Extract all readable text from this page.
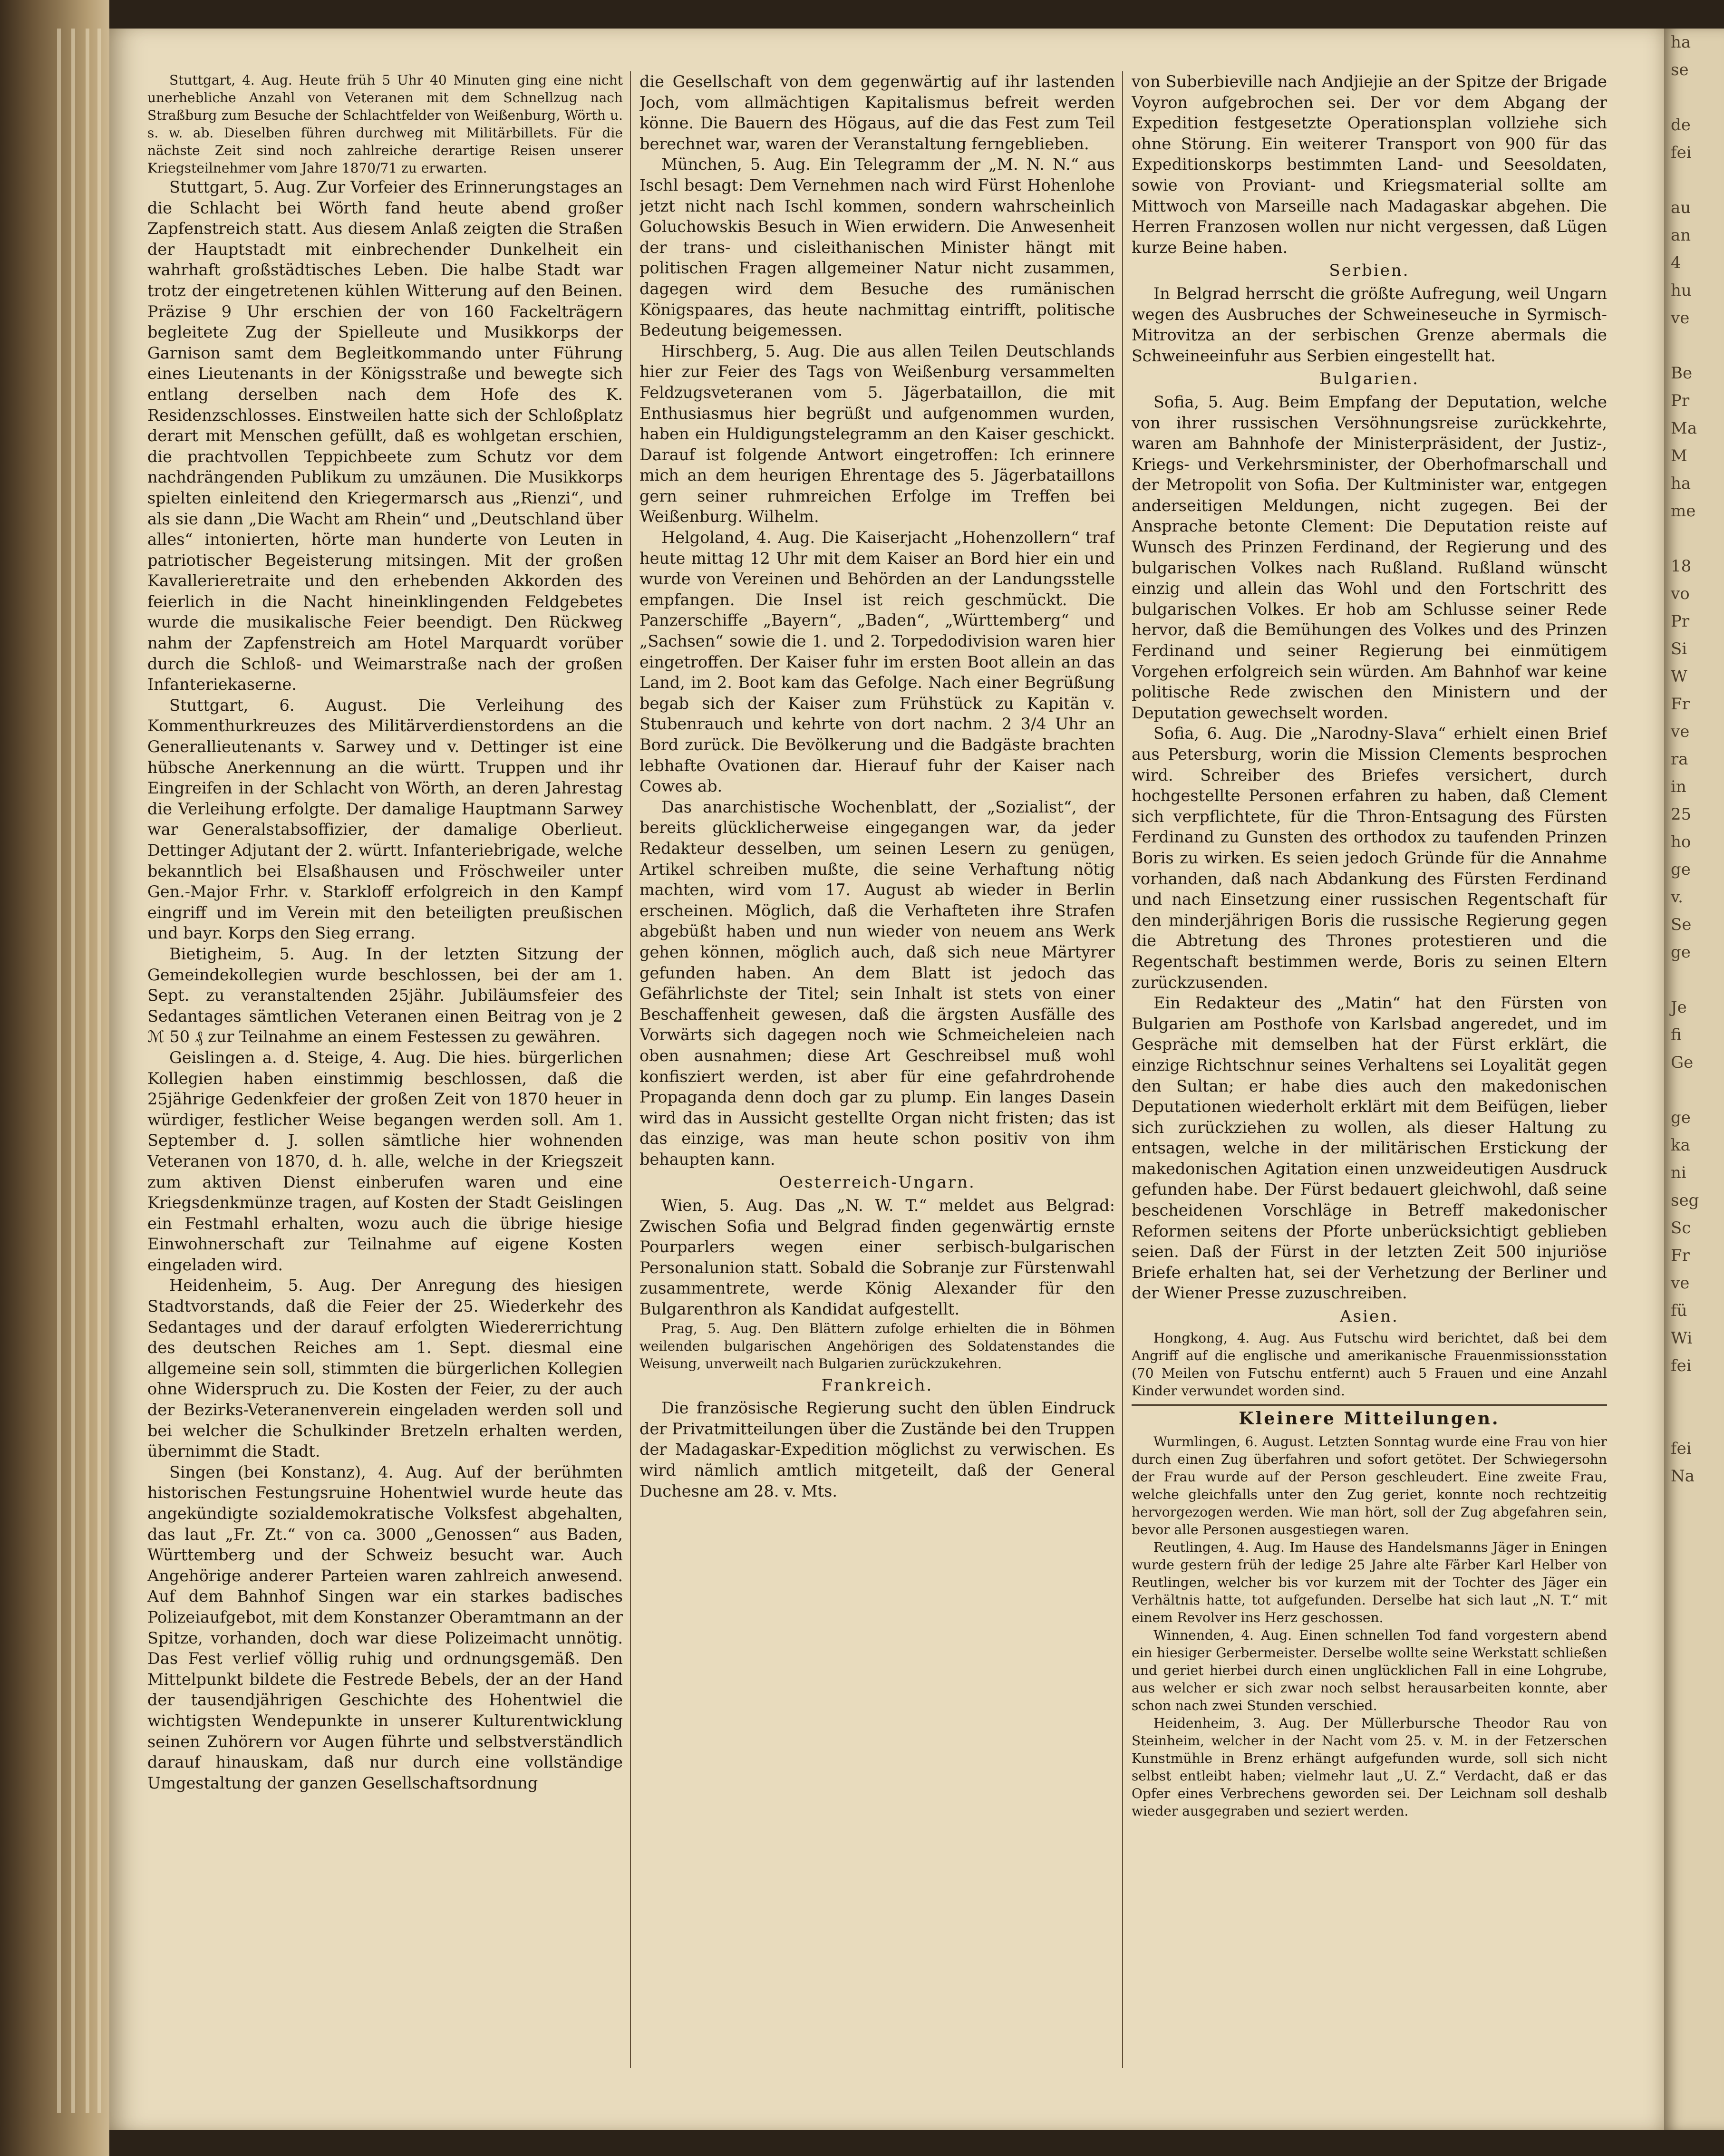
Stuttgart, 4. Aug. Heute früh 5 Uhr 40 Minuten ging eine nicht unerhebliche Anzahl von Veteranen mit dem Schnellzug nach Straßburg zum Besuche der Schlachtfelder von Weißenburg, Wörth u. s. w. ab. Dieselben führen durchweg mit Militärbillets. Für die nächste Zeit sind noch zahlreiche derartige Reisen unserer Kriegsteilnehmer vom Jahre 1870/71 zu erwarten.

Stuttgart, 5. Aug. Zur Vorfeier des Erinnerungstages an die Schlacht bei Wörth fand heute abend großer Zapfenstreich statt. Aus diesem Anlaß zeigten die Straßen der Hauptstadt mit einbrechender Dunkelheit ein wahrhaft großstädtisches Leben. Die halbe Stadt war trotz der eingetretenen kühlen Witterung auf den Beinen. Präzise 9 Uhr erschien der von 160 Fackelträgern begleitete Zug der Spielleute und Musikkorps der Garnison samt dem Begleitkommando unter Führung eines Lieutenants in der Königsstraße und bewegte sich entlang derselben nach dem Hofe des K. Residenzschlosses. Einstweilen hatte sich der Schloßplatz derart mit Menschen gefüllt, daß es wohlgetan erschien, die prachtvollen Teppichbeete zum Schutz vor dem nachdrängenden Publikum zu umzäunen. Die Musikkorps spielten einleitend den Kriegermarsch aus „Rienzi“, und als sie dann „Die Wacht am Rhein“ und „Deutschland über alles“ intonierten, hörte man hunderte von Leuten in patriotischer Begeisterung mitsingen. Mit der großen Kavallerieretraite und den erhebenden Akkorden des feierlich in die Nacht hineinklingenden Feldgebetes wurde die musikalische Feier beendigt. Den Rückweg nahm der Zapfenstreich am Hotel Marquardt vorüber durch die Schloß- und Weimarstraße nach der großen Infanteriekaserne.

Stuttgart, 6. August. Die Verleihung des Kommenthurkreuzes des Militärverdienstordens an die Generallieutenants v. Sarwey und v. Dettinger ist eine hübsche Anerkennung an die württ. Truppen und ihr Eingreifen in der Schlacht von Wörth, an deren Jahrestag die Verleihung erfolgte. Der damalige Hauptmann Sarwey war Generalstabsoffizier, der damalige Oberlieut. Dettinger Adjutant der 2. württ. Infanteriebrigade, welche bekanntlich bei Elsaßhausen und Fröschweiler unter Gen.-Major Frhr. v. Starkloff erfolgreich in den Kampf eingriff und im Verein mit den beteiligten preußischen und bayr. Korps den Sieg errang.

Bietigheim, 5. Aug. In der letzten Sitzung der Gemeindekollegien wurde beschlossen, bei der am 1. Sept. zu veranstaltenden 25jähr. Jubiläumsfeier des Sedantages sämtlichen Veteranen einen Beitrag von je 2 ℳ 50 ₰ zur Teilnahme an einem Festessen zu gewähren.

Geislingen a. d. Steige, 4. Aug. Die hies. bürgerlichen Kollegien haben einstimmig beschlossen, daß die 25jährige Gedenkfeier der großen Zeit von 1870 heuer in würdiger, festlicher Weise begangen werden soll. Am 1. September d. J. sollen sämtliche hier wohnenden Veteranen von 1870, d. h. alle, welche in der Kriegszeit zum aktiven Dienst einberufen waren und eine Kriegsdenkmünze tragen, auf Kosten der Stadt Geislingen ein Festmahl erhalten, wozu auch die übrige hiesige Einwohnerschaft zur Teilnahme auf eigene Kosten eingeladen wird.

Heidenheim, 5. Aug. Der Anregung des hiesigen Stadtvorstands, daß die Feier der 25. Wiederkehr des Sedantages und der darauf erfolgten Wiedererrichtung des deutschen Reiches am 1. Sept. diesmal eine allgemeine sein soll, stimmten die bürgerlichen Kollegien ohne Widerspruch zu. Die Kosten der Feier, zu der auch der Bezirks-Veteranenverein eingeladen werden soll und bei welcher die Schulkinder Bretzeln erhalten werden, übernimmt die Stadt.

Singen (bei Konstanz), 4. Aug. Auf der berühmten historischen Festungsruine Hohentwiel wurde heute das angekündigte sozialdemokratische Volksfest abgehalten, das laut „Fr. Zt.“ von ca. 3000 „Genossen“ aus Baden, Württemberg und der Schweiz besucht war. Auch Angehörige anderer Parteien waren zahlreich anwesend. Auf dem Bahnhof Singen war ein starkes badisches Polizeiaufgebot, mit dem Konstanzer Oberamtmann an der Spitze, vorhanden, doch war diese Polizeimacht unnötig. Das Fest verlief völlig ruhig und ordnungsgemäß. Den Mittelpunkt bildete die Festrede Bebels, der an der Hand der tausendjährigen Geschichte des Hohentwiel die wichtigsten Wendepunkte in unserer Kulturentwicklung seinen Zuhörern vor Augen führte und selbstverständlich darauf hinauskam, daß nur durch eine vollständige Umgestaltung der ganzen Gesellschaftsordnung

die Gesellschaft von dem gegenwärtig auf ihr lastenden Joch, vom allmächtigen Kapitalismus befreit werden könne. Die Bauern des Högaus, auf die das Fest zum Teil berechnet war, waren der Veranstaltung ferngeblieben.

München, 5. Aug. Ein Telegramm der „M. N. N.“ aus Ischl besagt: Dem Vernehmen nach wird Fürst Hohenlohe jetzt nicht nach Ischl kommen, sondern wahrscheinlich Goluchowskis Besuch in Wien erwidern. Die Anwesenheit der trans- und cisleithanischen Minister hängt mit politischen Fragen allgemeiner Natur nicht zusammen, dagegen wird dem Besuche des rumänischen Königspaares, das heute nachmittag eintrifft, politische Bedeutung beigemessen.

Hirschberg, 5. Aug. Die aus allen Teilen Deutschlands hier zur Feier des Tags von Weißenburg versammelten Feldzugsveteranen vom 5. Jägerbataillon, die mit Enthusiasmus hier begrüßt und aufgenommen wurden, haben ein Huldigungstelegramm an den Kaiser geschickt. Darauf ist folgende Antwort eingetroffen: Ich erinnere mich an dem heurigen Ehrentage des 5. Jägerbataillons gern seiner ruhmreichen Erfolge im Treffen bei Weißenburg. Wilhelm.

Helgoland, 4. Aug. Die Kaiserjacht „Hohenzollern“ traf heute mittag 12 Uhr mit dem Kaiser an Bord hier ein und wurde von Vereinen und Behörden an der Landungsstelle empfangen. Die Insel ist reich geschmückt. Die Panzerschiffe „Bayern“, „Baden“, „Württemberg“ und „Sachsen“ sowie die 1. und 2. Torpedodivision waren hier eingetroffen. Der Kaiser fuhr im ersten Boot allein an das Land, im 2. Boot kam das Gefolge. Nach einer Begrüßung begab sich der Kaiser zum Frühstück zu Kapitän v. Stubenrauch und kehrte von dort nachm. 2 3/4 Uhr an Bord zurück. Die Bevölkerung und die Badgäste brachten lebhafte Ovationen dar. Hierauf fuhr der Kaiser nach Cowes ab.

Das anarchistische Wochenblatt, der „Sozialist“, der bereits glücklicherweise eingegangen war, da jeder Redakteur desselben, um seinen Lesern zu genügen, Artikel schreiben mußte, die seine Verhaftung nötig machten, wird vom 17. August ab wieder in Berlin erscheinen. Möglich, daß die Verhafteten ihre Strafen abgebüßt haben und nun wieder von neuem ans Werk gehen können, möglich auch, daß sich neue Märtyrer gefunden haben. An dem Blatt ist jedoch das Gefährlichste der Titel; sein Inhalt ist stets von einer Beschaffenheit gewesen, daß die ärgsten Ausfälle des Vorwärts sich dagegen noch wie Schmeicheleien nach oben ausnahmen; diese Art Geschreibsel muß wohl konfisziert werden, ist aber für eine gefahrdrohende Propaganda denn doch gar zu plump. Ein langes Dasein wird das in Aussicht gestellte Organ nicht fristen; das ist das einzige, was man heute schon positiv von ihm behaupten kann.

Oesterreich-Ungarn.

Wien, 5. Aug. Das „N. W. T.“ meldet aus Belgrad: Zwischen Sofia und Belgrad finden gegenwärtig ernste Pourparlers wegen einer serbisch-bulgarischen Personalunion statt. Sobald die Sobranje zur Fürstenwahl zusammentrete, werde König Alexander für den Bulgarenthron als Kandidat aufgestellt.

Prag, 5. Aug. Den Blättern zufolge erhielten die in Böhmen weilenden bulgarischen Angehörigen des Soldatenstandes die Weisung, unverweilt nach Bulgarien zurückzukehren.

Frankreich.

Die französische Regierung sucht den üblen Eindruck der Privatmitteilungen über die Zustände bei den Truppen der Madagaskar-Expedition möglichst zu verwischen. Es wird nämlich amtlich mitgeteilt, daß der General Duchesne am 28. v. Mts.

von Suberbieville nach Andjiejie an der Spitze der Brigade Voyron aufgebrochen sei. Der vor dem Abgang der Expedition festgesetzte Operationsplan vollziehe sich ohne Störung. Ein weiterer Transport von 900 für das Expeditionskorps bestimmten Land- und Seesoldaten, sowie von Proviant- und Kriegsmaterial sollte am Mittwoch von Marseille nach Madagaskar abgehen. Die Herren Franzosen wollen nur nicht vergessen, daß Lügen kurze Beine haben.

Serbien.

In Belgrad herrscht die größte Aufregung, weil Ungarn wegen des Ausbruches der Schweineseuche in Syrmisch-Mitrovitza an der serbischen Grenze abermals die Schweineeinfuhr aus Serbien eingestellt hat.

Bulgarien.

Sofia, 5. Aug. Beim Empfang der Deputation, welche von ihrer russischen Versöhnungsreise zurückkehrte, waren am Bahnhofe der Ministerpräsident, der Justiz-, Kriegs- und Verkehrsminister, der Oberhofmarschall und der Metropolit von Sofia. Der Kultminister war, entgegen anderseitigen Meldungen, nicht zugegen. Bei der Ansprache betonte Clement: Die Deputation reiste auf Wunsch des Prinzen Ferdinand, der Regierung und des bulgarischen Volkes nach Rußland. Rußland wünscht einzig und allein das Wohl und den Fortschritt des bulgarischen Volkes. Er hob am Schlusse seiner Rede hervor, daß die Bemühungen des Volkes und des Prinzen Ferdinand und seiner Regierung bei einmütigem Vorgehen erfolgreich sein würden. Am Bahnhof war keine politische Rede zwischen den Ministern und der Deputation gewechselt worden.

Sofia, 6. Aug. Die „Narodny-Slava“ erhielt einen Brief aus Petersburg, worin die Mission Clements besprochen wird. Schreiber des Briefes versichert, durch hochgestellte Personen erfahren zu haben, daß Clement sich verpflichtete, für die Thron-Entsagung des Fürsten Ferdinand zu Gunsten des orthodox zu taufenden Prinzen Boris zu wirken. Es seien jedoch Gründe für die Annahme vorhanden, daß nach Abdankung des Fürsten Ferdinand und nach Einsetzung einer russischen Regentschaft für den minderjährigen Boris die russische Regierung gegen die Abtretung des Thrones protestieren und die Regentschaft bestimmen werde, Boris zu seinen Eltern zurückzusenden.

Ein Redakteur des „Matin“ hat den Fürsten von Bulgarien am Posthofe von Karlsbad angeredet, und im Gespräche mit demselben hat der Fürst erklärt, die einzige Richtschnur seines Verhaltens sei Loyalität gegen den Sultan; er habe dies auch den makedonischen Deputationen wiederholt erklärt mit dem Beifügen, lieber sich zurückziehen zu wollen, als dieser Haltung zu entsagen, welche in der militärischen Erstickung der makedonischen Agitation einen unzweideutigen Ausdruck gefunden habe. Der Fürst bedauert gleichwohl, daß seine bescheidenen Vorschläge in Betreff makedonischer Reformen seitens der Pforte unberücksichtigt geblieben seien. Daß der Fürst in der letzten Zeit 500 injuriöse Briefe erhalten hat, sei der Verhetzung der Berliner und der Wiener Presse zuzuschreiben.

Asien.

Hongkong, 4. Aug. Aus Futschu wird berichtet, daß bei dem Angriff auf die englische und amerikanische Frauenmissionsstation (70 Meilen von Futschu entfernt) auch 5 Frauen und eine Anzahl Kinder verwundet worden sind.

Kleinere Mitteilungen.

Wurmlingen, 6. August. Letzten Sonntag wurde eine Frau von hier durch einen Zug überfahren und sofort getötet. Der Schwiegersohn der Frau wurde auf der Person geschleudert. Eine zweite Frau, welche gleichfalls unter den Zug geriet, konnte noch rechtzeitig hervorgezogen werden. Wie man hört, soll der Zug abgefahren sein, bevor alle Personen ausgestiegen waren.

Reutlingen, 4. Aug. Im Hause des Handelsmanns Jäger in Eningen wurde gestern früh der ledige 25 Jahre alte Färber Karl Helber von Reutlingen, welcher bis vor kurzem mit der Tochter des Jäger ein Verhältnis hatte, tot aufgefunden. Derselbe hat sich laut „N. T.“ mit einem Revolver ins Herz geschossen.

Winnenden, 4. Aug. Einen schnellen Tod fand vorgestern abend ein hiesiger Gerbermeister. Derselbe wollte seine Werkstatt schließen und geriet hierbei durch einen unglücklichen Fall in eine Lohgrube, aus welcher er sich zwar noch selbst herausarbeiten konnte, aber schon nach zwei Stunden verschied.

Heidenheim, 3. Aug. Der Müllerbursche Theodor Rau von Steinheim, welcher in der Nacht vom 25. v. M. in der Fetzerschen Kunstmühle in Brenz erhängt aufgefunden wurde, soll sich nicht selbst entleibt haben; vielmehr laut „U. Z.“ Verdacht, daß er das Opfer eines Verbrechens geworden sei. Der Leichnam soll deshalb wieder ausgegraben und seziert werden.

ha
se

de
fei

au
an
4
hu
ve

Be
Pr
Ma
M
ha
me

18
vo
Pr
Si
W
Fr
ve
ra
in
25
ho
ge
v.
Se
ge

Je
fi
Ge

ge
ka
ni
seg
Sc
Fr
ve
fü
Wi
fei

fei
Na
